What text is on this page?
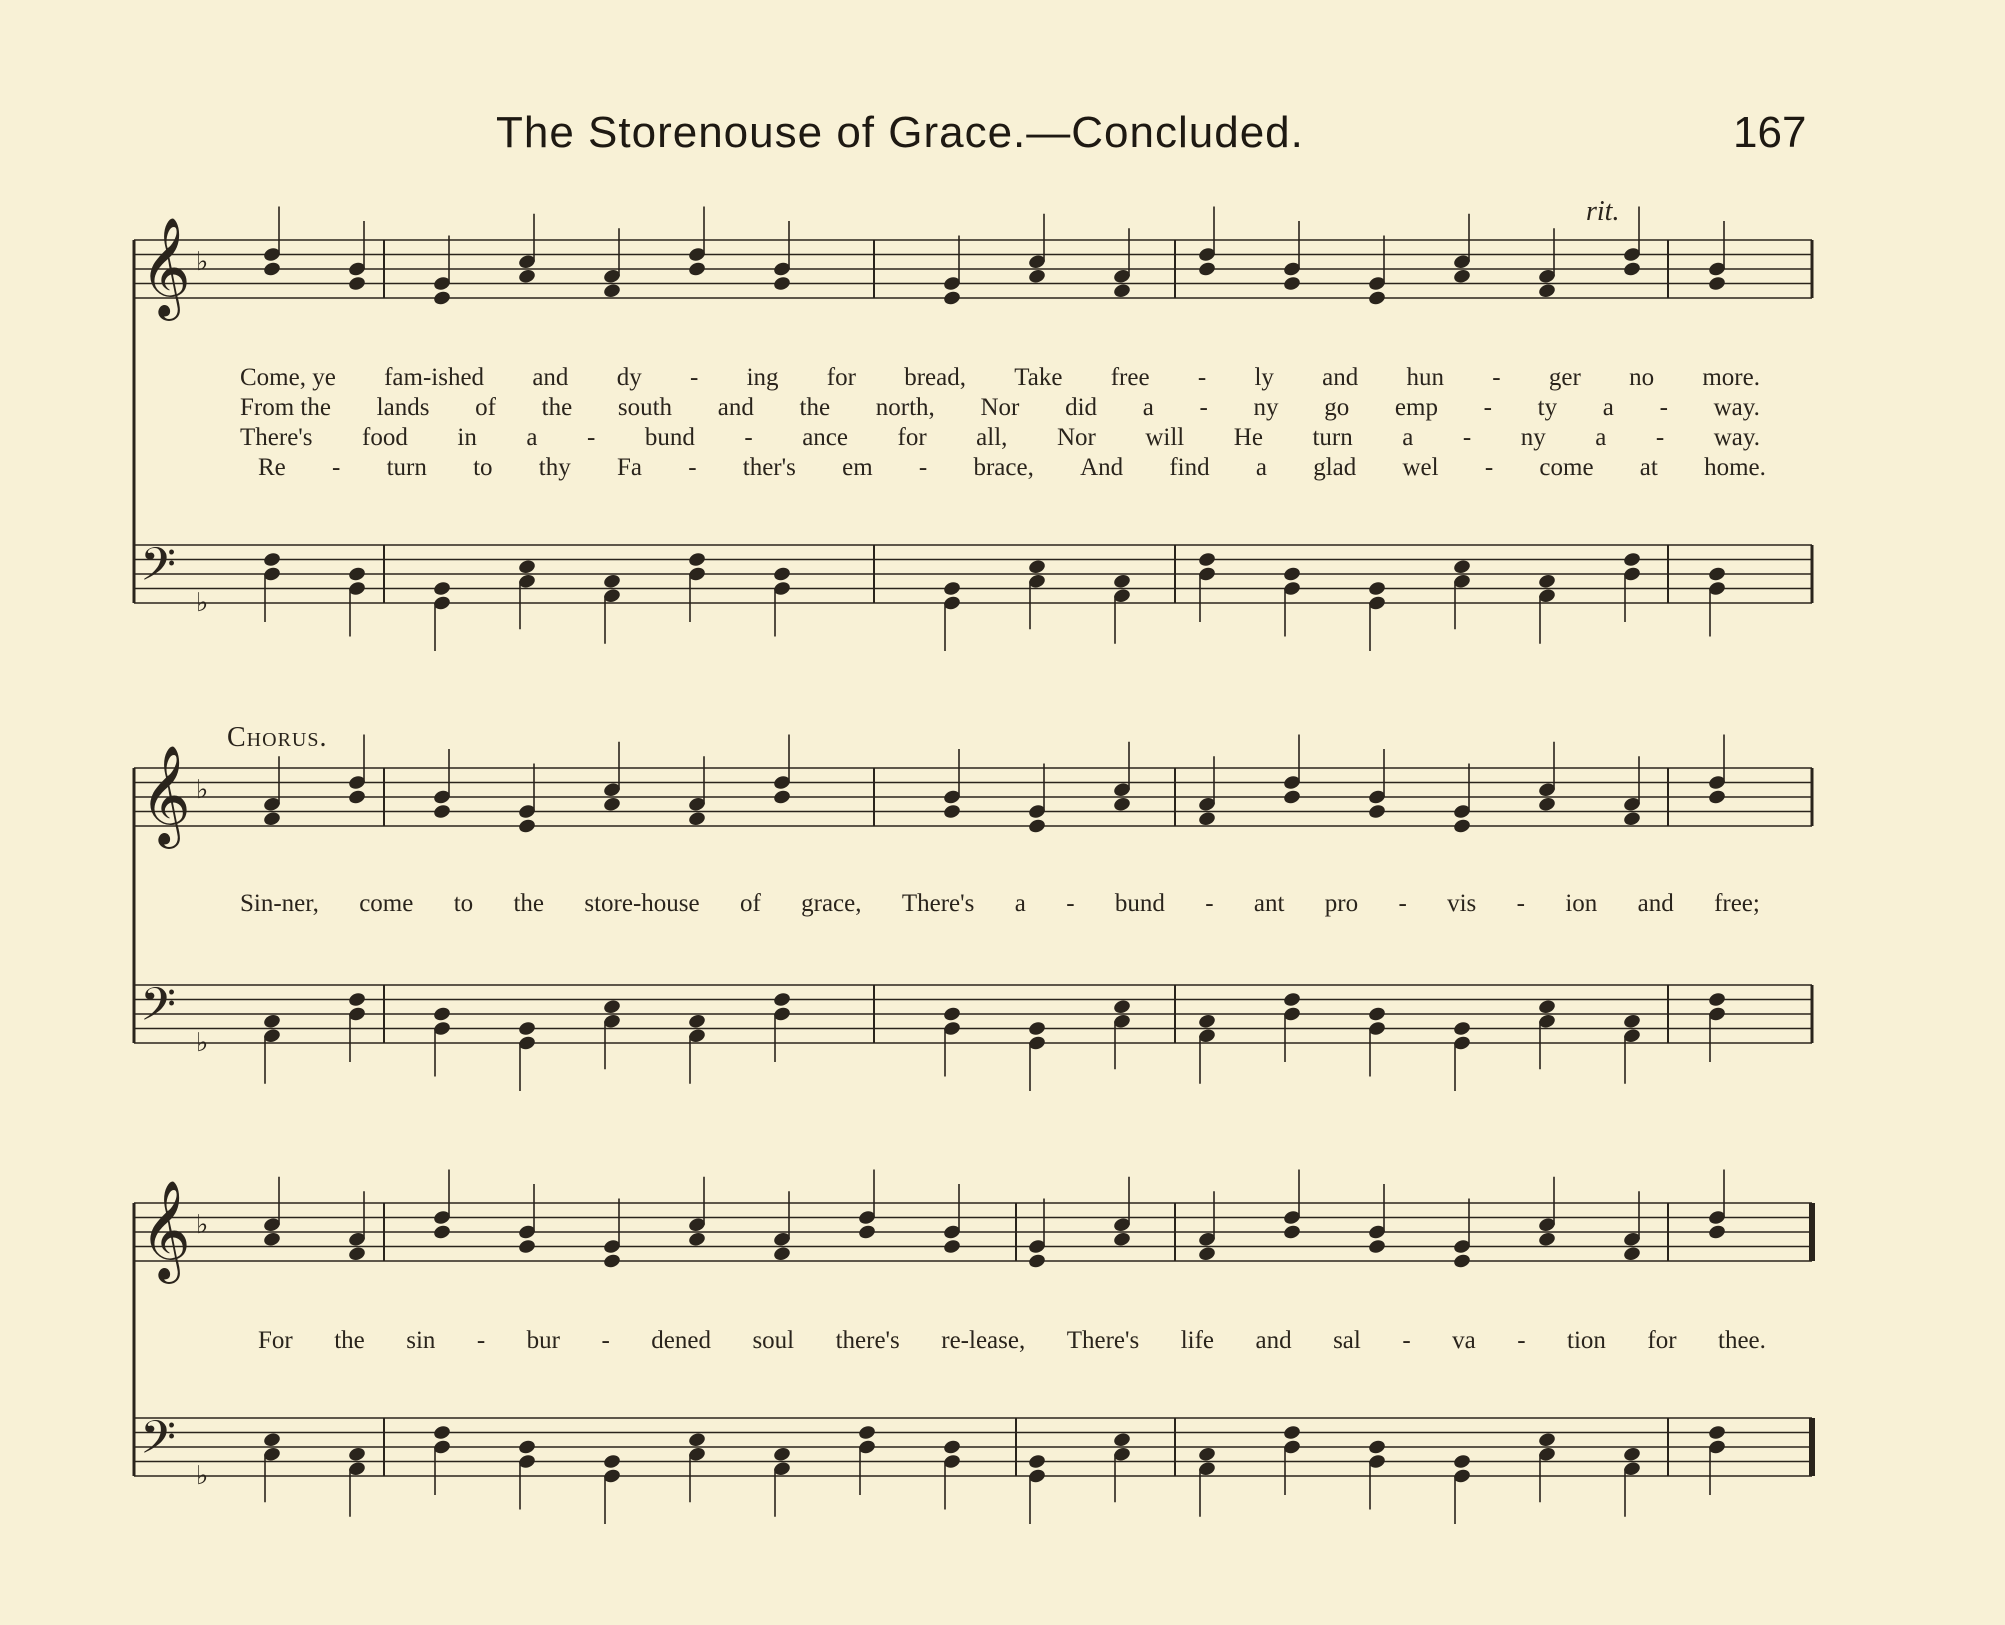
The Storenouse of Grace.—Concluded.	167
rit.
Chorus.
Come, ye fam-ished and dy - ing for bread, Take free - ly and hun - ger no more.
From the lands of the south and the north, Nor did a - ny go emp - ty a - way.
There's food in a - bund - ance for all, Nor will He turn a - ny a - way.
Re - turn to thy Fa - ther's em - brace, And find a glad wel - come at home.
Sin-ner, come to the store-house of grace, There's a - bund - ant pro - vis - ion and free;
For the sin - bur - dened soul there's re-lease, There's life and sal - va - tion for thee.
𝄞 ♭
𝄢 ♭
𝄞 ♭
𝄢 ♭
𝄞 ♭
𝄢 ♭
